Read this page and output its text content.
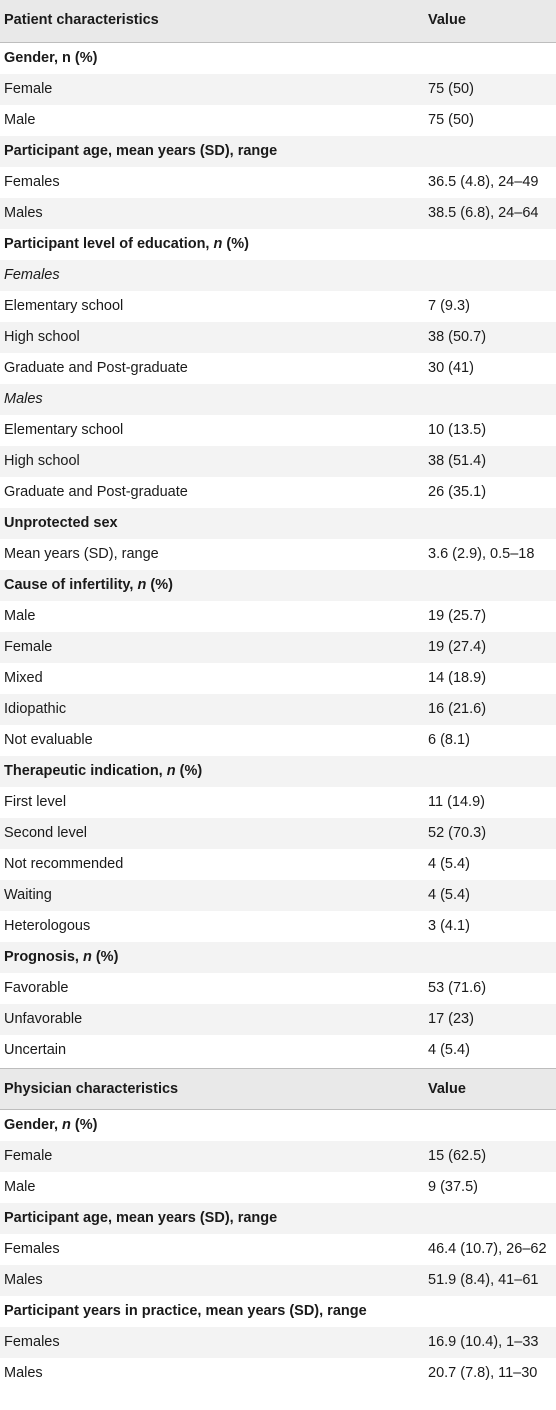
Patient characteristics	Value
Gender, n (%)
Female	75 (50)
Male	75 (50)
Participant age, mean years (SD), range
Females	36.5 (4.8), 24–49
Males	38.5 (6.8), 24–64
Participant level of education, n (%)
Females
Elementary school	7 (9.3)
High school	38 (50.7)
Graduate and Post-graduate	30 (41)
Males
Elementary school	10 (13.5)
High school	38 (51.4)
Graduate and Post-graduate	26 (35.1)
Unprotected sex
Mean years (SD), range	3.6 (2.9), 0.5–18
Cause of infertility, n (%)
Male	19 (25.7)
Female	19 (27.4)
Mixed	14 (18.9)
Idiopathic	16 (21.6)
Not evaluable	6 (8.1)
Therapeutic indication, n (%)
First level	11 (14.9)
Second level	52 (70.3)
Not recommended	4 (5.4)
Waiting	4 (5.4)
Heterologous	3 (4.1)
Prognosis, n (%)
Favorable	53 (71.6)
Unfavorable	17 (23)
Uncertain	4 (5.4)
Physician characteristics	Value
Gender, n (%)
Female	15 (62.5)
Male	9 (37.5)
Participant age, mean years (SD), range
Females	46.4 (10.7), 26–62
Males	51.9 (8.4), 41–61
Participant years in practice, mean years (SD), range
Females	16.9 (10.4), 1–33
Males	20.7 (7.8), 11–30
